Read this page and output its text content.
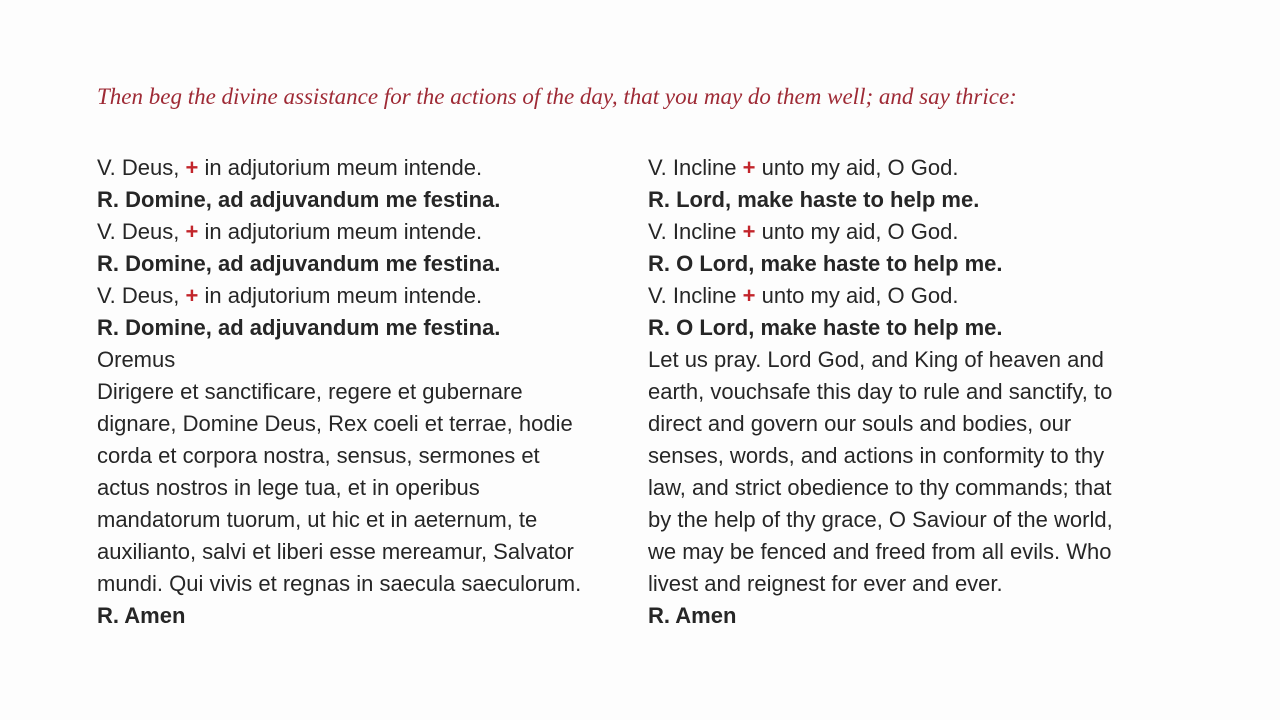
Then beg the divine assistance for the actions of the day, that you may do them well; and say thrice:
V. Deus, + in adjutorium meum intende.
R. Domine, ad adjuvandum me festina.
V. Deus, + in adjutorium meum intende.
R. Domine, ad adjuvandum me festina.
V. Deus, + in adjutorium meum intende.
R. Domine, ad adjuvandum me festina.
Oremus
Dirigere et sanctificare, regere et gubernare
dignare, Domine Deus, Rex coeli et terrae, hodie
corda et corpora nostra, sensus, sermones et
actus nostros in lege tua, et in operibus
mandatorum tuorum, ut hic et in aeternum, te
auxilianto, salvi et liberi esse mereamur, Salvator
mundi. Qui vivis et regnas in saecula saeculorum.
R. Amen
V. Incline + unto my aid, O God.
R. Lord, make haste to help me.
V. Incline + unto my aid, O God.
R. O Lord, make haste to help me.
V. Incline + unto my aid, O God.
R. O Lord, make haste to help me.
Let us pray. Lord God, and King of heaven and
earth, vouchsafe this day to rule and sanctify, to
direct and govern our souls and bodies, our
senses, words, and actions in conformity to thy
law, and strict obedience to thy commands; that
by the help of thy grace, O Saviour of the world,
we may be fenced and freed from all evils. Who
livest and reignest for ever and ever.
R. Amen
